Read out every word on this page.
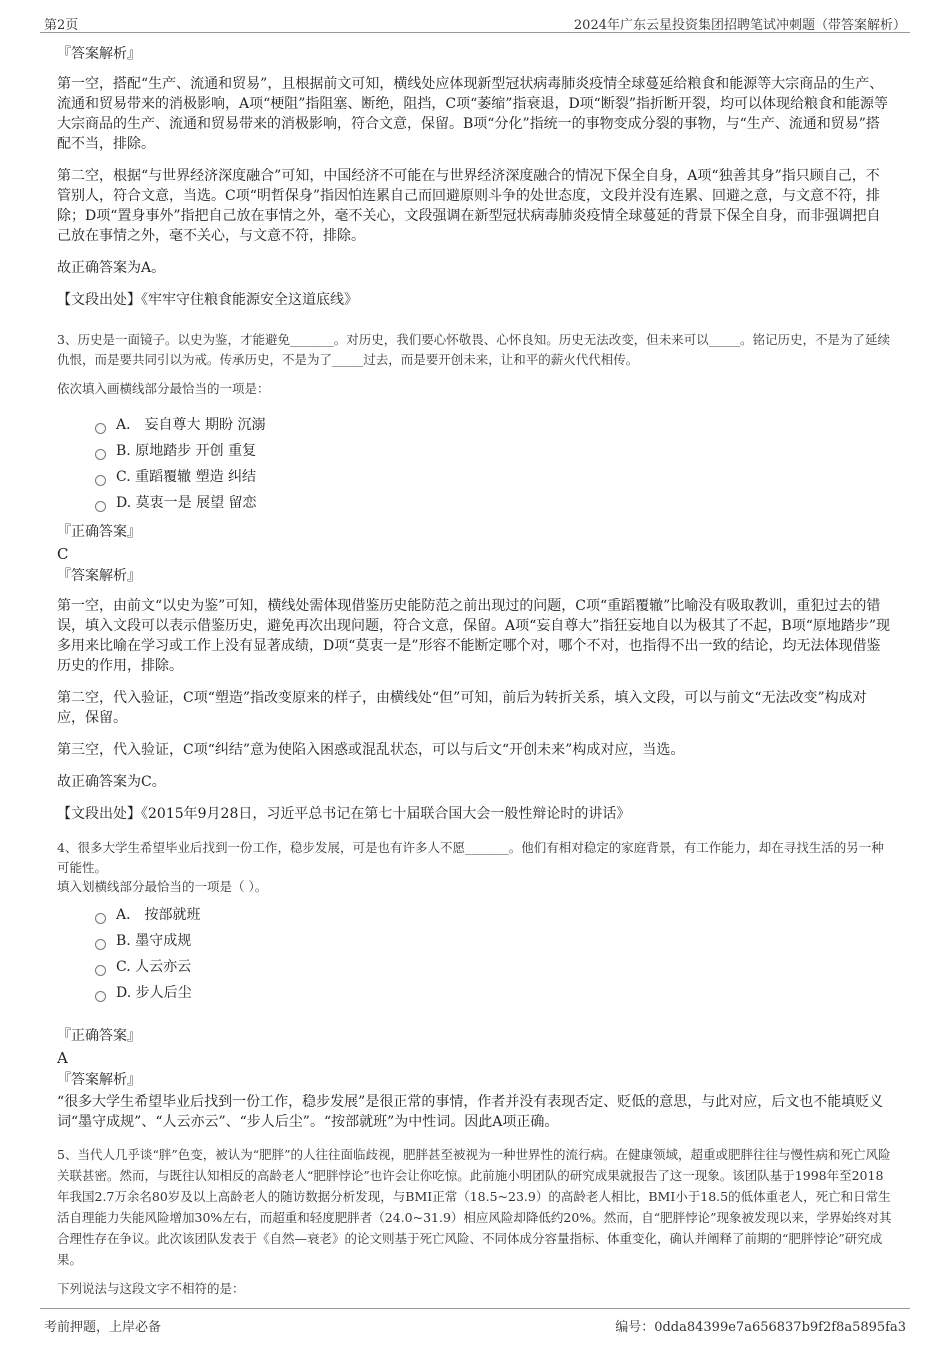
第2页	2024年广东云星投资集团招聘笔试冲刺题（带答案解析）
『答案解析』

第一空，搭配“生产、流通和贸易”，且根据前文可知，横线处应体现新型冠状病毒肺炎疫情全球蔓延给粮食和能源等大宗商品的生产、流通和贸易带来的消极影响，A项“梗阻”指阻塞、断绝，阻挡，C项“萎缩”指衰退，D项“断裂”指折断开裂，均可以体现给粮食和能源等大宗商品的生产、流通和贸易带来的消极影响，符合文意，保留。B项“分化”指统一的事物变成分裂的事物，与“生产、流通和贸易”搭配不当，排除。

第二空，根据“与世界经济深度融合”可知，中国经济不可能在与世界经济深度融合的情况下保全自身，A项“独善其身”指只顾自己，不管别人，符合文意，当选。C项“明哲保身”指因怕连累自己而回避原则斗争的处世态度，文段并没有连累、回避之意，与文意不符，排除；D项“置身事外”指把自己放在事情之外，毫不关心，文段强调在新型冠状病毒肺炎疫情全球蔓延的背景下保全自身，而非强调把自己放在事情之外，毫不关心，与文意不符，排除。

故正确答案为A。

【文段出处】《牢牢守住粮食能源安全这道底线》

3、历史是一面镜子。以史为鉴，才能避免_______。对历史，我们要心怀敬畏、心怀良知。历史无法改变，但未来可以_____。铭记历史，不是为了延续仇恨，而是要共同引以为戒。传承历史，不是为了_____过去，而是要开创未来，让和平的薪火代代相传。

依次填入画横线部分最恰当的一项是：

A． 妄自尊大 期盼 沉溺
B. 原地踏步 开创 重复
C. 重蹈覆辙 塑造 纠结
D. 莫衷一是 展望 留恋
『正确答案』
C
『答案解析』

第一空，由前文“以史为鉴”可知，横线处需体现借鉴历史能防范之前出现过的问题，C项“重蹈覆辙”比喻没有吸取教训，重犯过去的错误，填入文段可以表示借鉴历史，避免再次出现问题，符合文意，保留。A项“妄自尊大”指狂妄地自以为极其了不起，B项“原地踏步”现多用来比喻在学习或工作上没有显著成绩，D项“莫衷一是”形容不能断定哪个对，哪个不对，也指得不出一致的结论，均无法体现借鉴历史的作用，排除。

第二空，代入验证，C项“塑造”指改变原来的样子，由横线处“但”可知，前后为转折关系，填入文段，可以与前文“无法改变”构成对应，保留。

第三空，代入验证，C项“纠结”意为使陷入困惑或混乱状态，可以与后文“开创未来”构成对应，当选。

故正确答案为C。

【文段出处】《2015年9月28日，习近平总书记在第七十届联合国大会一般性辩论时的讲话》

4、很多大学生希望毕业后找到一份工作，稳步发展，可是也有许多人不愿_______。他们有相对稳定的家庭背景，有工作能力，却在寻找生活的另一种可能性。

填入划横线部分最恰当的一项是（ ）。

A． 按部就班
B. 墨守成规
C. 人云亦云
D. 步人后尘
『正确答案』
A
『答案解析』

“很多大学生希望毕业后找到一份工作，稳步发展”是很正常的事情，作者并没有表现否定、贬低的意思，与此对应，后文也不能填贬义词“墨守成规”、“人云亦云”、“步人后尘”。“按部就班”为中性词。因此A项正确。

5、当代人几乎谈“胖”色变，被认为“肥胖”的人往往面临歧视，肥胖甚至被视为一种世界性的流行病。在健康领域，超重或肥胖往往与慢性病和死亡风险关联甚密。然而，与既往认知相反的高龄老人“肥胖悖论”也许会让你吃惊。此前施小明团队的研究成果就报告了这一现象。该团队基于1998年至2018年我国2.7万余名80岁及以上高龄老人的随访数据分析发现，与BMI正常（18.5~23.9）的高龄老人相比，BMI小于18.5的低体重老人，死亡和日常生活自理能力失能风险增加30%左右，而超重和轻度肥胖者（24.0~31.9）相应风险却降低约20%。然而，自“肥胖悖论”现象被发现以来，学界始终对其合理性存在争议。此次该团队发表于《自然—衰老》的论文则基于死亡风险、不同体成分容量指标、体重变化，确认并阐释了前期的“肥胖悖论”研究成果。

下列说法与这段文字不相符的是：

考前押题，上岸必备	编号：0dda84399e7a656837b9f2f8a5895fa3
